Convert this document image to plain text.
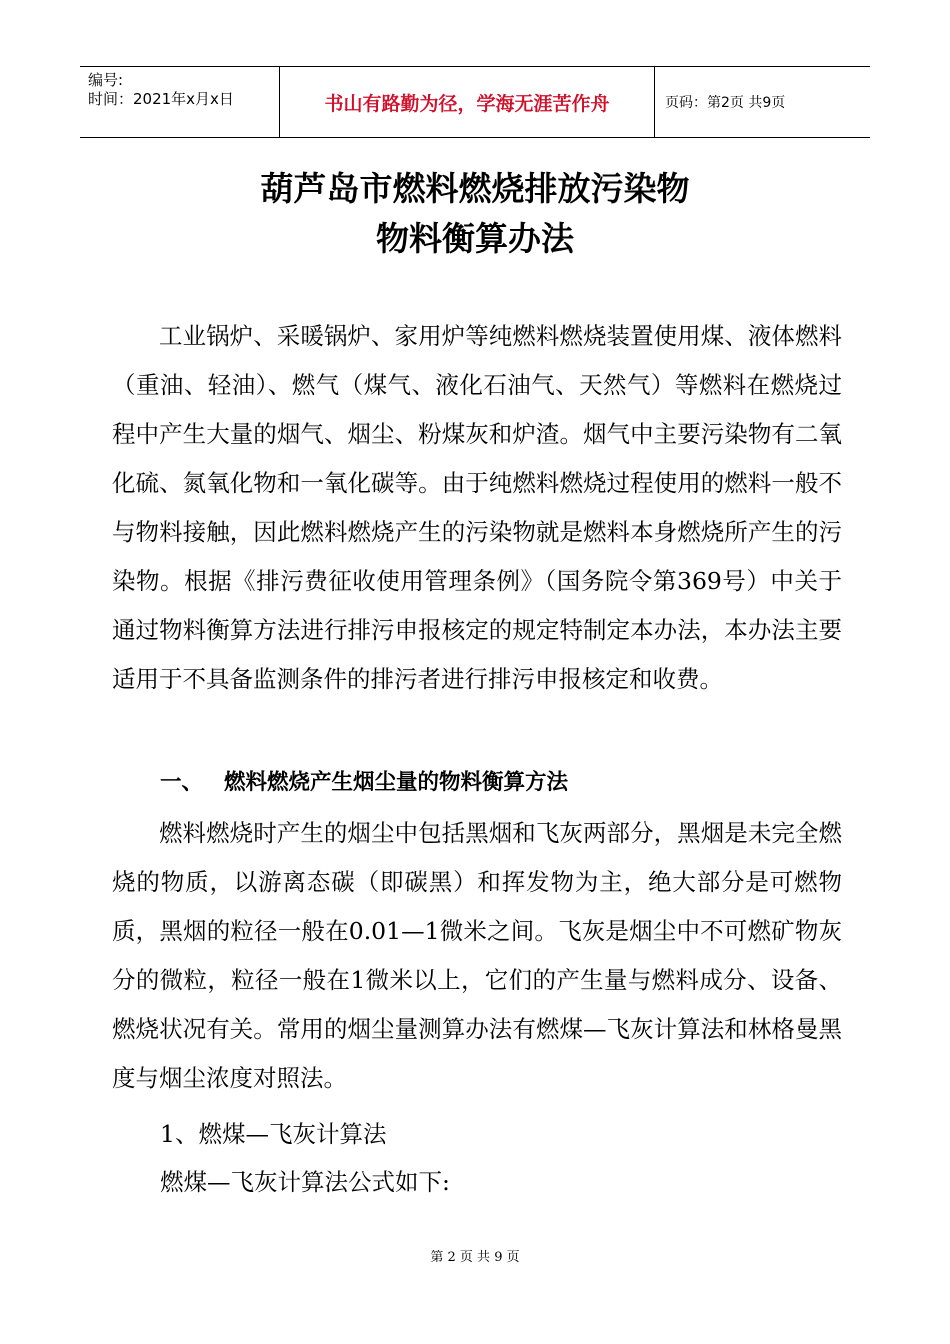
编号:
时间：2021年x月x日	书山有路勤为径，学海无涯苦作舟	页码：第2页 共9页
葫芦岛市燃料燃烧排放污染物
物料衡算办法

工业锅炉、采暖锅炉、家用炉等纯燃料燃烧装置使用煤、液体燃料（重油、轻油）、燃气（煤气、液化石油气、天然气）等燃料在燃烧过程中产生大量的烟气、烟尘、粉煤灰和炉渣。烟气中主要污染物有二氧化硫、氮氧化物和一氧化碳等。由于纯燃料燃烧过程使用的燃料一般不与物料接触，因此燃料燃烧产生的污染物就是燃料本身燃烧所产生的污染物。根据《排污费征收使用管理条例》（国务院令第369号）中关于通过物料衡算方法进行排污申报核定的规定特制定本办法，本办法主要适用于不具备监测条件的排污者进行排污申报核定和收费。

一、 燃料燃烧产生烟尘量的物料衡算方法

燃料燃烧时产生的烟尘中包括黑烟和飞灰两部分，黑烟是未完全燃烧的物质，以游离态碳（即碳黑）和挥发物为主，绝大部分是可燃物质，黑烟的粒径一般在0.01—1微米之间。飞灰是烟尘中不可燃矿物灰分的微粒，粒径一般在1微米以上，它们的产生量与燃料成分、设备、燃烧状况有关。常用的烟尘量测算办法有燃煤—飞灰计算法和林格曼黑度与烟尘浓度对照法。

1、燃煤—飞灰计算法
燃煤—飞灰计算法公式如下:
第 2 页 共 9 页
